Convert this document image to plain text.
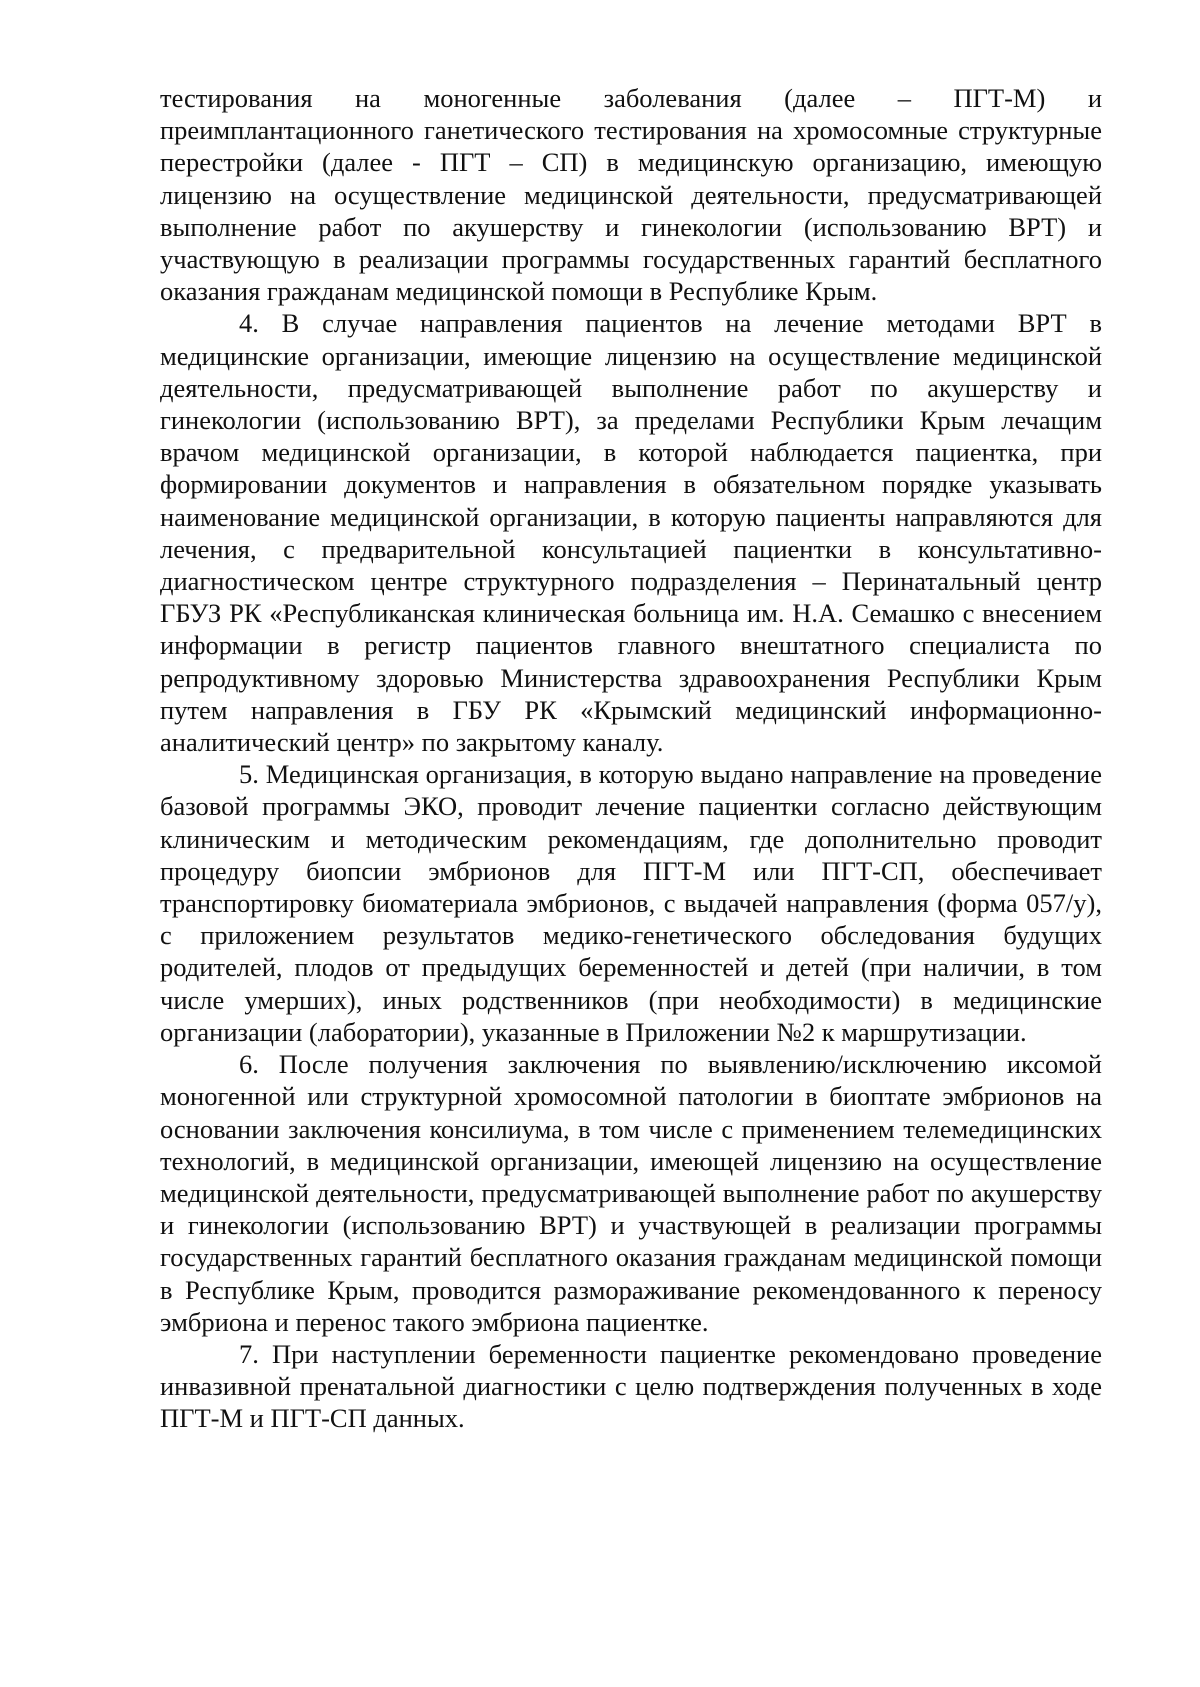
тестирования на моногенные заболевания (далее – ПГТ-М) и преимплантационного ганетического тестирования на хромосомные структурные перестройки (далее - ПГТ – СП) в медицинскую организацию, имеющую лицензию на осуществление медицинской деятельности, предусматривающей выполнение работ по акушерству и гинекологии (использованию ВРТ) и участвующую в реализации программы государственных гарантий бесплатного оказания гражданам медицинской помощи в Республике Крым.

4. В случае направления пациентов на лечение методами ВРТ в медицинские организации, имеющие лицензию на осуществление медицинской деятельности, предусматривающей выполнение работ по акушерству и гинекологии (использованию ВРТ), за пределами Республики Крым лечащим врачом медицинской организации, в которой наблюдается пациентка, при формировании документов и направления в обязательном порядке указывать наименование медицинской организации, в которую пациенты направляются для лечения, с предварительной консультацией пациентки в консультативно-диагностическом центре структурного подразделения – Перинатальный центр ГБУЗ РК «Республиканская клиническая больница им. Н.А. Семашко с внесением информации в регистр пациентов главного внештатного специалиста по репродуктивному здоровью Министерства здравоохранения Республики Крым путем направления в ГБУ РК «Крымский медицинский информационно-аналитический центр» по закрытому каналу.

5. Медицинская организация, в которую выдано направление на проведение базовой программы ЭКО, проводит лечение пациентки согласно действующим клиническим и методическим рекомендациям, где дополнительно проводит процедуру биопсии эмбрионов для ПГТ-М или ПГТ-СП, обеспечивает транспортировку биоматериала эмбрионов, с выдачей направления (форма 057/у), с приложением результатов медико-генетического обследования будущих родителей, плодов от предыдущих беременностей и детей (при наличии, в том числе умерших), иных родственников (при необходимости) в медицинские организации (лаборатории), указанные в Приложении №2 к маршрутизации.

6. После получения заключения по выявлению/исключению иксомой моногенной или структурной хромосомной патологии в биоптате эмбрионов на основании заключения консилиума, в том числе с применением телемедицинских технологий, в медицинской организации, имеющей лицензию на осуществление медицинской деятельности, предусматривающей выполнение работ по акушерству и гинекологии (использованию ВРТ) и участвующей в реализации программы государственных гарантий бесплатного оказания гражданам медицинской помощи в Республике Крым, проводится размораживание рекомендованного к переносу эмбриона и перенос такого эмбриона пациентке.

7. При наступлении беременности пациентке рекомендовано проведение инвазивной пренатальной диагностики с целю подтверждения полученных в ходе ПГТ-М и ПГТ-СП данных.
